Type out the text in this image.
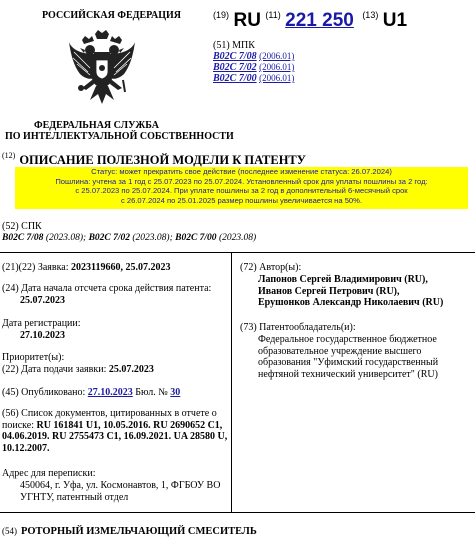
РОССИЙСКАЯ ФЕДЕРАЦИЯ
ФЕДЕРАЛЬНАЯ СЛУЖБА
ПО ИНТЕЛЛЕКТУАЛЬНОЙ СОБСТВЕННОСТИ
$^{(19)}$ RU $^{(11)}$ 221 250 $^{(13)}$ U1
(51) МПК
B02C 7/08 (2006.01)
B02C 7/02 (2006.01)
B02C 7/00 (2006.01)
$^{(12)}$ ОПИСАНИЕ ПОЛЕЗНОЙ МОДЕЛИ К ПАТЕНТУ
Статус: может прекратить свое действие (последнее изменение статуса: 26.07.2024)
Пошлина: учтена за 1 год с 25.07.2023 по 25.07.2024. Установленный срок для уплаты пошлины за 2 год:
с 25.07.2023 по 25.07.2024. При уплате пошлины за 2 год в дополнительный 6-месячный срок
с 26.07.2024 по 25.01.2025 размер пошлины увеличивается на 50%.
(52) СПК
B02C 7/08 (2023.08); B02C 7/02 (2023.08); B02C 7/00 (2023.08)
(21)(22) Заявка: 2023119660, 25.07.2023
(24) Дата начала отсчета срока действия патента:
25.07.2023
Дата регистрации:
27.10.2023
Приоритет(ы):
(22) Дата подачи заявки: 25.07.2023
(45) Опубликовано: 27.10.2023 Бюл. № 30
(56) Список документов, цитированных в отчете о поиске: RU 161841 U1, 10.05.2016. RU 2690652 C1, 04.06.2019. RU 2755473 C1, 16.09.2021. UA 28580 U, 10.12.2007.
Адрес для переписки:
450064, г. Уфа, ул. Космонавтов, 1, ФГБОУ ВО УГНТУ, патентный отдел
(72) Автор(ы):
Лапонов Сергей Владимирович (RU),
Иванов Сергей Петрович (RU),
Ерушонков Александр Николаевич (RU)
(73) Патентообладатель(и):
Федеральное государственное бюджетное образовательное учреждение высшего образования "Уфимский государственный нефтяной технический университет" (RU)
(54) РОТОРНЫЙ ИЗМЕЛЬЧАЮЩИЙ СМЕСИТЕЛЬ
